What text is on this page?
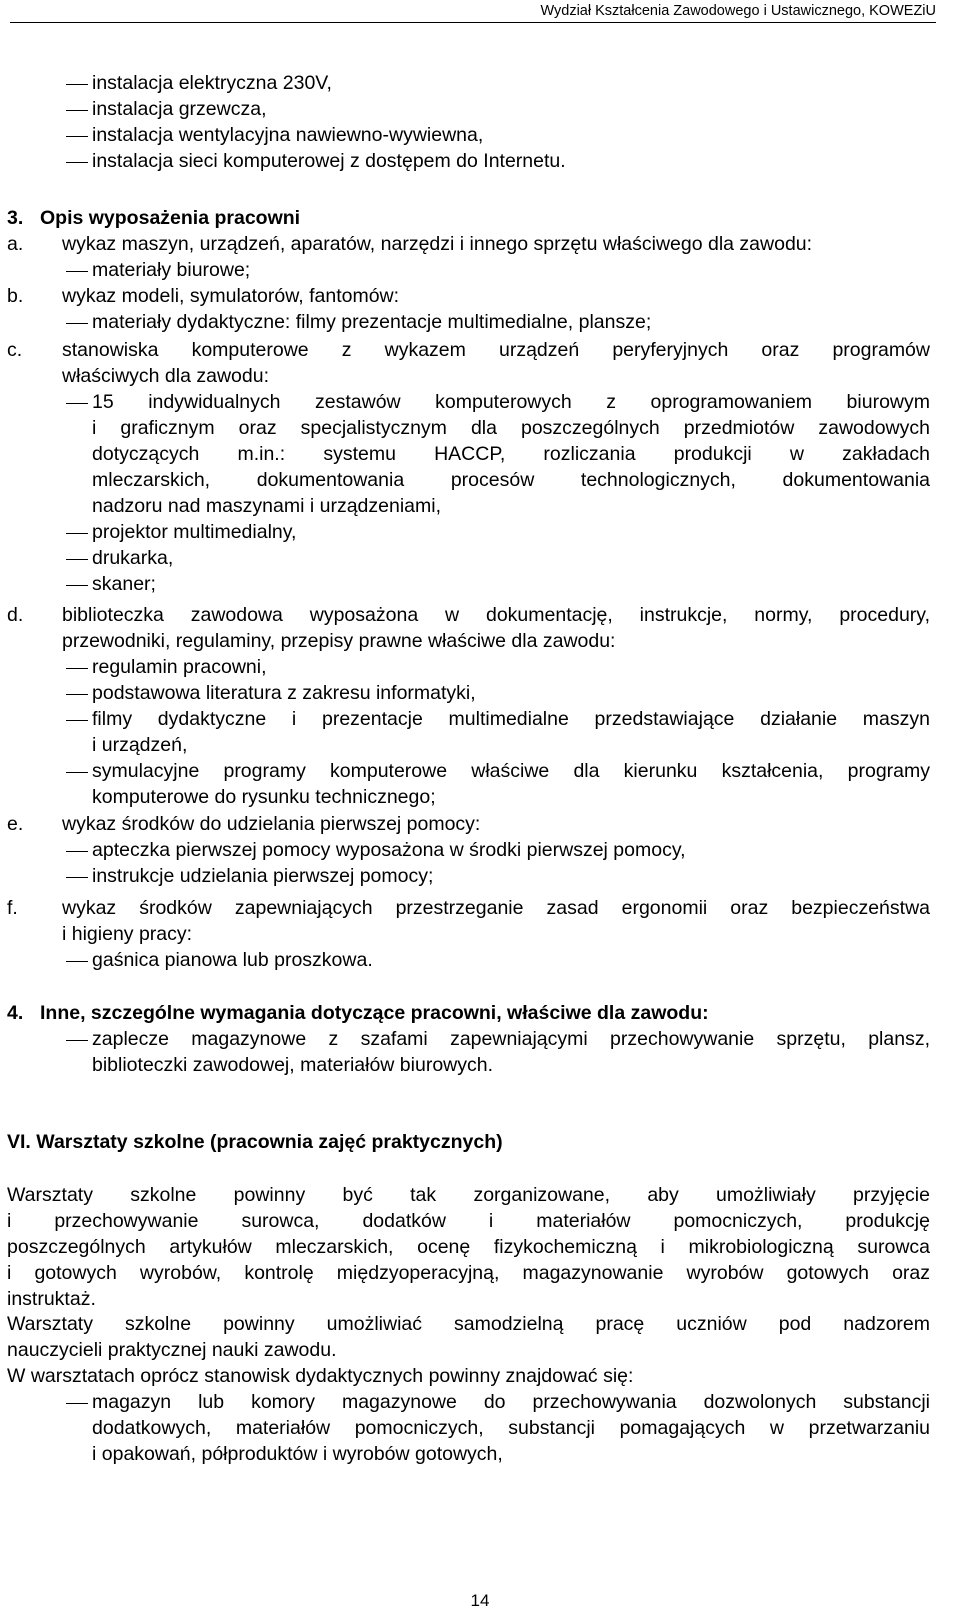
Wydział Kształcenia Zawodowego i Ustawicznego, KOWEZiU
instalacja elektryczna 230V,
instalacja grzewcza,
instalacja wentylacyjna nawiewno-wywiewna,
instalacja sieci komputerowej z dostępem do Internetu.
3. Opis wyposażenia pracowni
a. wykaz maszyn, urządzeń, aparatów, narzędzi i innego sprzętu właściwego dla zawodu:
materiały biurowe;
b. wykaz modeli, symulatorów, fantomów:
materiały dydaktyczne: filmy prezentacje multimedialne, plansze;
c. stanowiska komputerowe z wykazem urządzeń peryferyjnych oraz programów
właściwych dla zawodu:
15 indywidualnych zestawów komputerowych z oprogramowaniem biurowym
i graficznym oraz specjalistycznym dla poszczególnych przedmiotów zawodowych
dotyczących m.in.: systemu HACCP, rozliczania produkcji w zakładach
mleczarskich, dokumentowania procesów technologicznych, dokumentowania
nadzoru nad maszynami i urządzeniami,
projektor multimedialny,
drukarka,
skaner;
d. biblioteczka zawodowa wyposażona w dokumentację, instrukcje, normy, procedury,
przewodniki, regulaminy, przepisy prawne właściwe dla zawodu:
regulamin pracowni,
podstawowa literatura z zakresu informatyki,
filmy dydaktyczne i prezentacje multimedialne przedstawiające działanie maszyn
i urządzeń,
symulacyjne programy komputerowe właściwe dla kierunku kształcenia, programy
komputerowe do rysunku technicznego;
e. wykaz środków do udzielania pierwszej pomocy:
apteczka pierwszej pomocy wyposażona w środki pierwszej pomocy,
instrukcje udzielania pierwszej pomocy;
f. wykaz środków zapewniających przestrzeganie zasad ergonomii oraz bezpieczeństwa
i higieny pracy:
gaśnica pianowa lub proszkowa.
4. Inne, szczególne wymagania dotyczące pracowni, właściwe dla zawodu:
zaplecze magazynowe z szafami zapewniającymi przechowywanie sprzętu, plansz,
biblioteczki zawodowej, materiałów biurowych.
VI. Warsztaty szkolne (pracownia zajęć praktycznych)
Warsztaty szkolne powinny być tak zorganizowane, aby umożliwiały przyjęcie
i przechowywanie surowca, dodatków i materiałów pomocniczych, produkcję
poszczególnych artykułów mleczarskich, ocenę fizykochemiczną i mikrobiologiczną surowca
i gotowych wyrobów, kontrolę międzyoperacyjną, magazynowanie wyrobów gotowych oraz
instruktaż.
Warsztaty szkolne powinny umożliwiać samodzielną pracę uczniów pod nadzorem
nauczycieli praktycznej nauki zawodu.
W warsztatach oprócz stanowisk dydaktycznych powinny znajdować się:
magazyn lub komory magazynowe do przechowywania dozwolonych substancji
dodatkowych, materiałów pomocniczych, substancji pomagających w przetwarzaniu
i opakowań, półproduktów i wyrobów gotowych,
14
